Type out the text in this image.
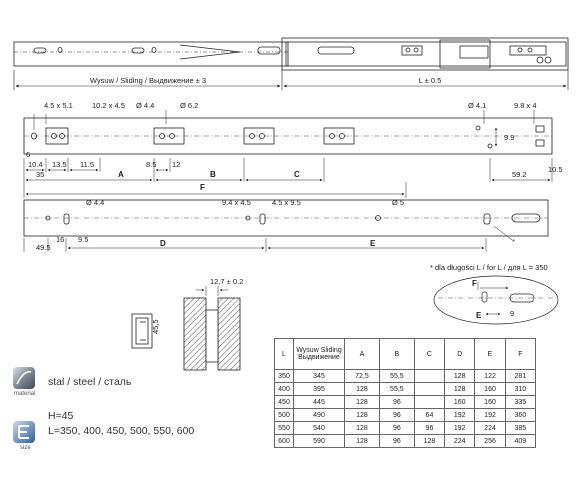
Wysuw / Sliding / Выдвижение ± 3	L ± 0.5
4.5 x 5.1	10.2 x 4.5 Ø 4.4	Ø 6.2	Ø 4.1	9.8 x 4
9.9
6
10.4 13.5 11.5	8.5 12
35	A	B	C	59.2
10.5
F
Ø 4.4	9.4 x 4.5	4.5 x 9.5	Ø 5
49.5
16 9.5	D	E	*
* dla długości L / for L / для L = 350
F
E	9
45,5
12,7 ± 0.2
material
stal / steel / сталь
size
H=45
L=350, 400, 450, 500, 550, 600
L	Wysuw Sliding Выдвижение	A	B	C	D	E	F
350	345	72,5	55,5		128	122	281
400	395	128	55,5		128	160	310
450	445	128	96		160	160	335
500	490	128	96	64	192	192	360
550	540	128	96	96	192	224	385
600	590	128	96	128	224	256	409
